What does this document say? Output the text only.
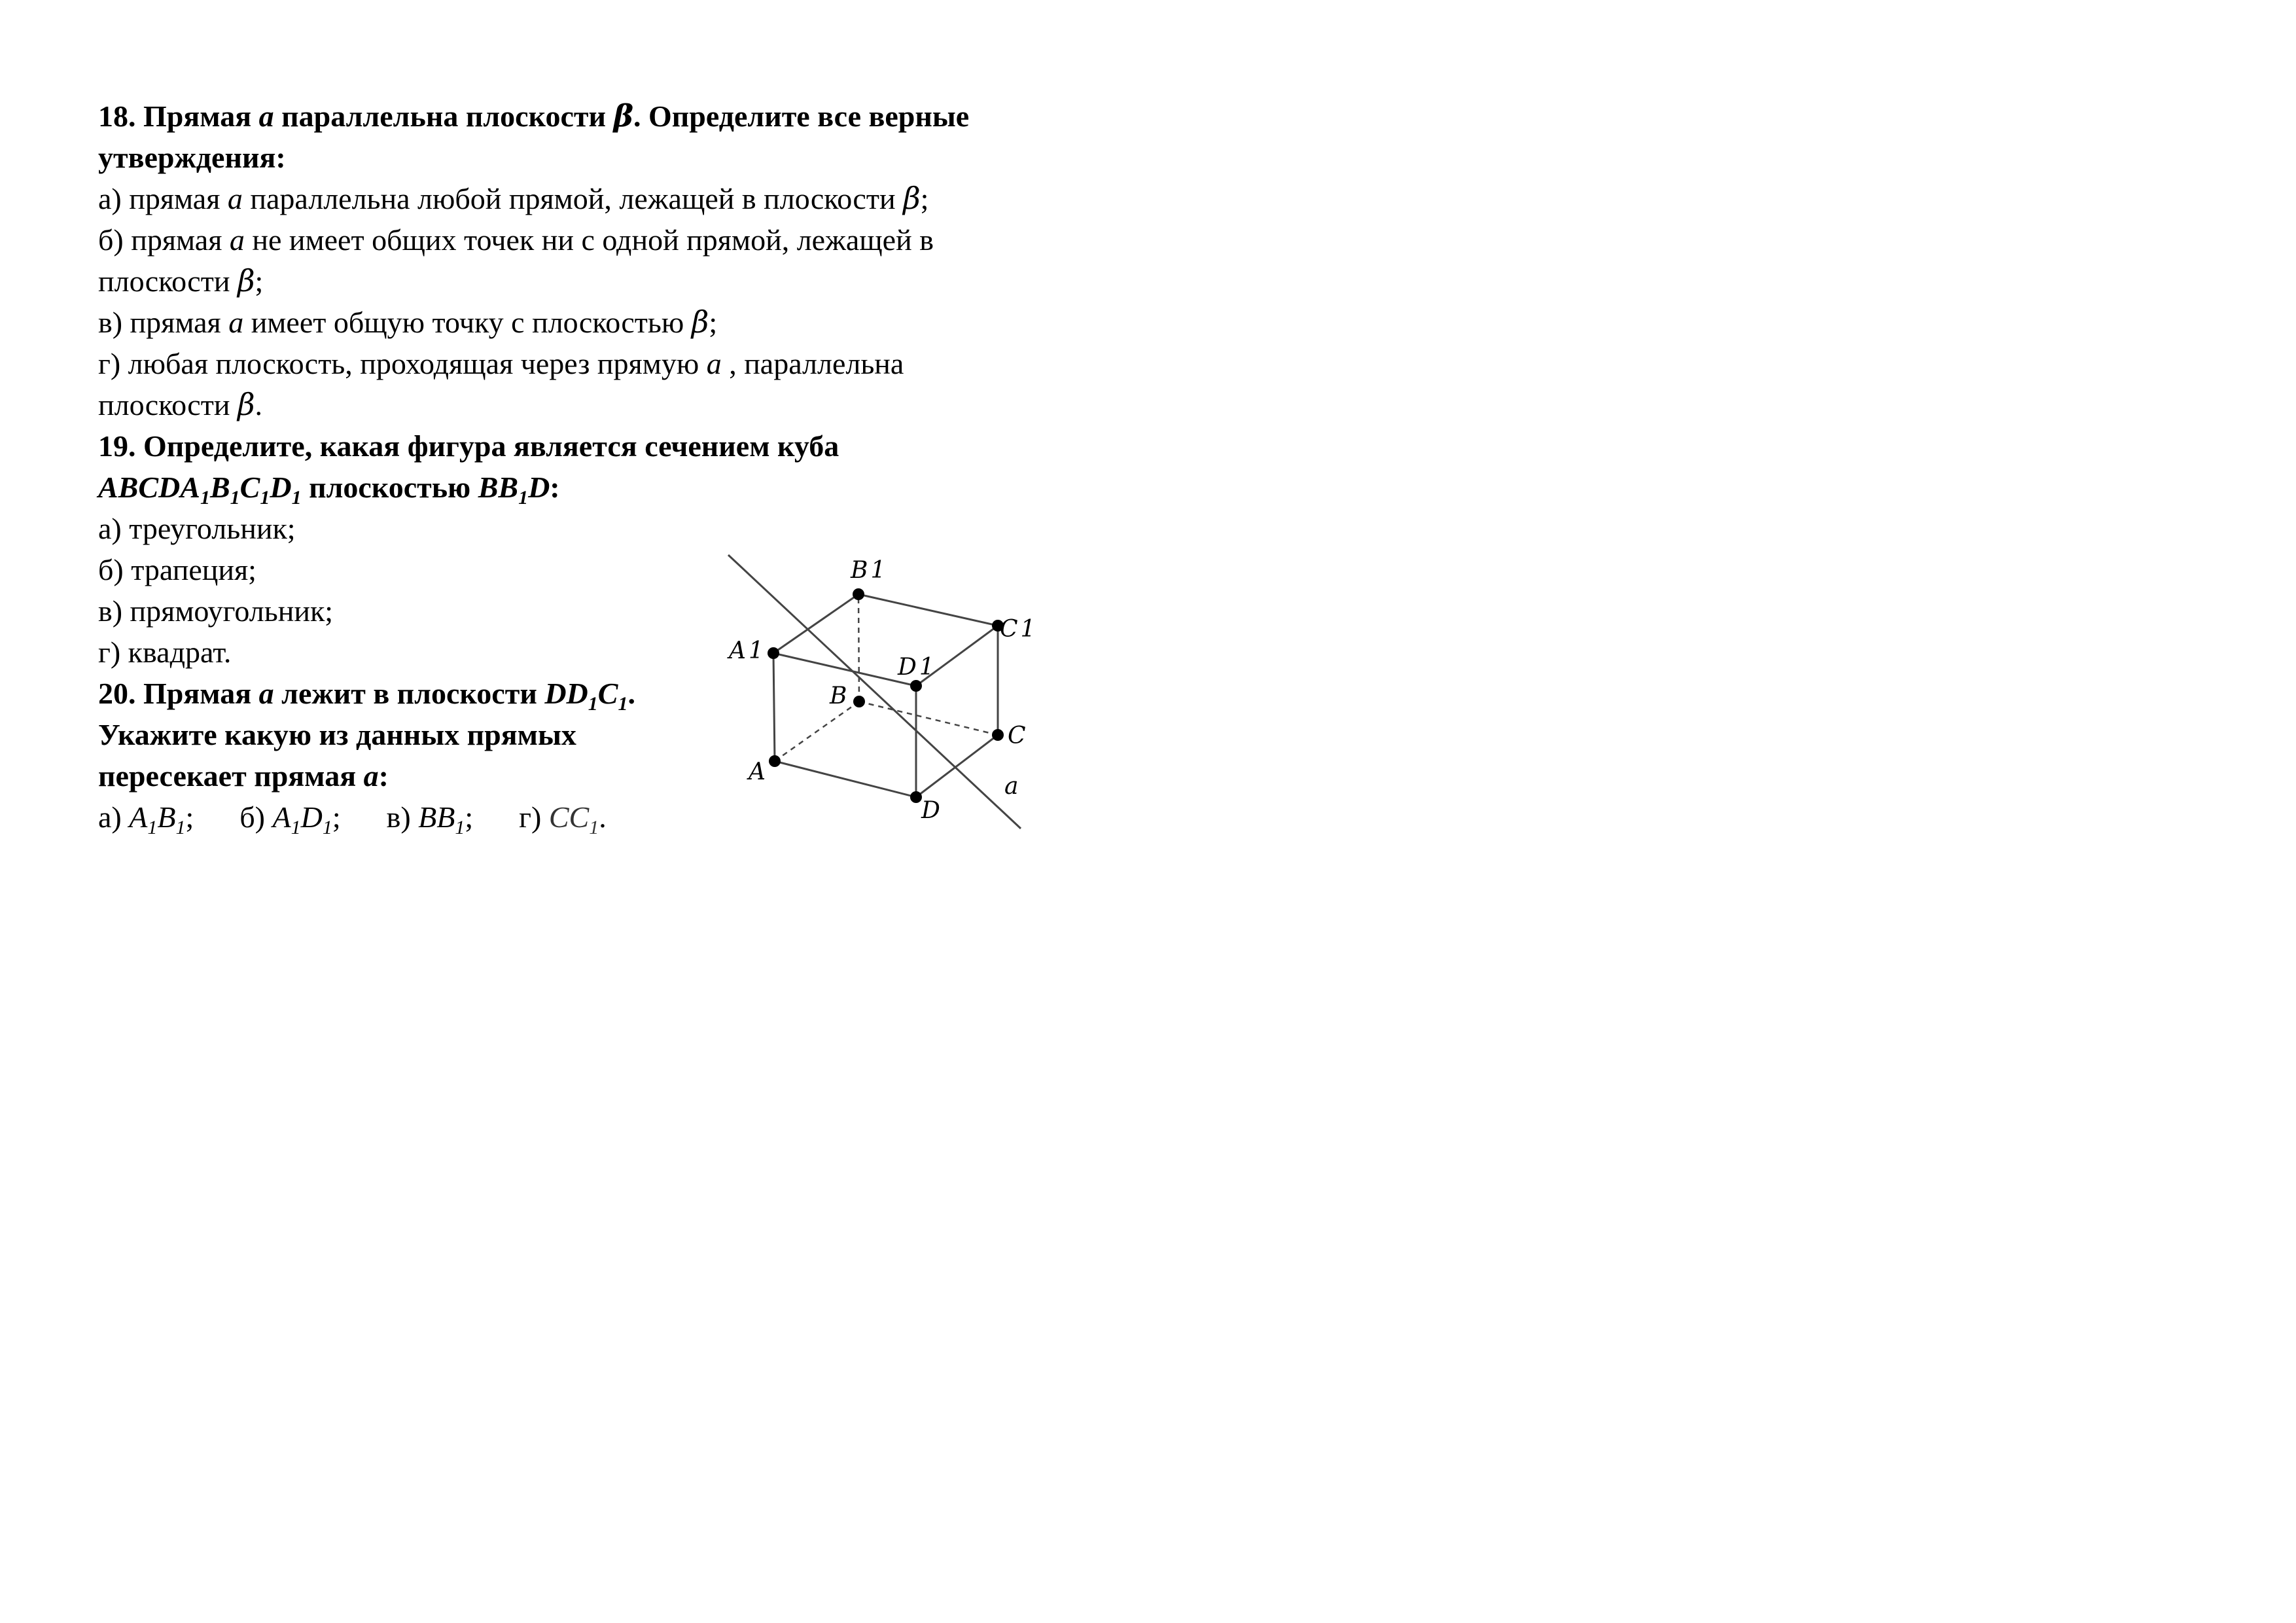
18. Прямая a параллельна плоскости β. Определите все верные
утверждения:
а) прямая a параллельна любой прямой, лежащей в плоскости β;
б) прямая a не имеет общих точек ни с одной прямой, лежащей в
плоскости β;
в) прямая a имеет общую точку с плоскостью β;
г) любая плоскость, проходящая через прямую a , параллельна
плоскости β.
19. Определите, какая фигура является сечением куба
$ABCDA_1B_1C_1D_1$ плоскостью $BB_1D$:
а) треугольник;
б) трапеция;
в) прямоугольник;
г) квадрат.
20. Прямая a лежит в плоскости $DD_1C_1$.
Укажите какую из данных прямых
пересекает прямая a:
а) $A_1B_1$; б) $A_1D_1$; в) $BB_1$; г) $CC_1$.
B 1
C 1
A 1
D 1
B
C
A
D
a
